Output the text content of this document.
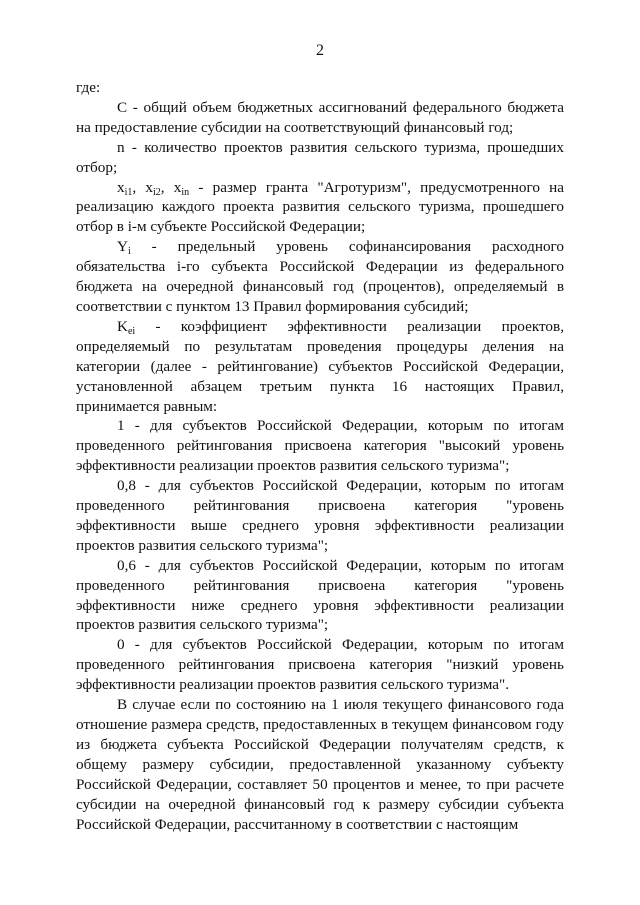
2

где:

C - общий объем бюджетных ассигнований федерального бюджета на предоставление субсидии на соответствующий финансовый год;

n - количество проектов развития сельского туризма, прошедших отбор;

$x_{i1}$, $x_{i2}$, $x_{in}$ - размер гранта "Агротуризм", предусмотренного на реализацию каждого проекта развития сельского туризма, прошедшего отбор в i-м субъекте Российской Федерации;

$Y_i$ - предельный уровень софинансирования расходного обязательства i-го субъекта Российской Федерации из федерального бюджета на очередной финансовый год (процентов), определяемый в соответствии с пунктом 13 Правил формирования субсидий;

$K_{ei}$ - коэффициент эффективности реализации проектов, определяемый по результатам проведения процедуры деления на категории (далее - рейтингование) субъектов Российской Федерации, установленной абзацем третьим пункта 16 настоящих Правил, принимается равным:

1 - для субъектов Российской Федерации, которым по итогам проведенного рейтингования присвоена категория "высокий уровень эффективности реализации проектов развития сельского туризма";

0,8 - для субъектов Российской Федерации, которым по итогам проведенного рейтингования присвоена категория "уровень эффективности выше среднего уровня эффективности реализации проектов развития сельского туризма";

0,6 - для субъектов Российской Федерации, которым по итогам проведенного рейтингования присвоена категория "уровень эффективности ниже среднего уровня эффективности реализации проектов развития сельского туризма";

0 - для субъектов Российской Федерации, которым по итогам проведенного рейтингования присвоена категория "низкий уровень эффективности реализации проектов развития сельского туризма".

В случае если по состоянию на 1 июля текущего финансового года отношение размера средств, предоставленных в текущем финансовом году из бюджета субъекта Российской Федерации получателям средств, к общему размеру субсидии, предоставленной указанному субъекту Российской Федерации, составляет 50 процентов и менее, то при расчете субсидии на очередной финансовый год к размеру субсидии субъекта Российской Федерации, рассчитанному в соответствии с настоящим
